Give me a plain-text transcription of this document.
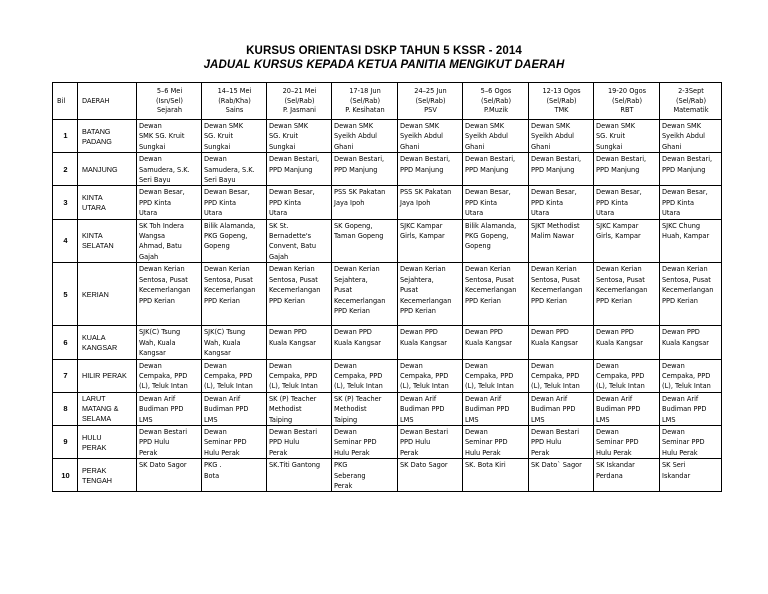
KURSUS ORIENTASI DSKP TAHUN 5 KSSR - 2014
JADUAL KURSUS KEPADA KETUA PANITIA MENGIKUT DAERAH
Bil	DAERAH	5–6 Mei
(Isn/Sel)
Sejarah	14–15 Mei
(Rab/Kha)
Sains	20–21 Mei
(Sel/Rab)
P. Jasmani	17-18 Jun
(Sel/Rab)
P. Kesihatan	24–25 Jun
(Sel/Rab)
PSV	5–6 Ogos
(Sel/Rab)
P.Muzik	12-13 Ogos
(Sel/Rab)
TMK	19-20 Ogos
(Sel/Rab)
RBT	2-3Sept
(Sel/Rab)
Matematik

1	BATANG
PADANG	Dewan
SMK SG. Kruit
Sungkai	Dewan SMK
SG. Kruit
Sungkai	Dewan SMK
SG. Kruit
Sungkai	Dewan SMK
Syeikh Abdul
Ghani	Dewan SMK
Syeikh Abdul
Ghani	Dewan SMK
Syeikh Abdul
Ghani	Dewan SMK
Syeikh Abdul
Ghani	Dewan SMK
SG. Kruit
Sungkai	Dewan SMK
Syeikh Abdul
Ghani

2	MANJUNG	Dewan
Samudera, S.K.
Seri Bayu	Dewan
Samudera, S.K.
Seri Bayu	Dewan Bestari,
PPD Manjung	Dewan Bestari,
PPD Manjung	Dewan Bestari,
PPD Manjung	Dewan Bestari,
PPD Manjung	Dewan Bestari,
PPD Manjung	Dewan Bestari,
PPD Manjung	Dewan Bestari,
PPD Manjung

3	KINTA
UTARA	Dewan Besar,
PPD Kinta
Utara	Dewan Besar,
PPD Kinta
Utara	Dewan Besar,
PPD Kinta
Utara	PSS SK Pakatan
Jaya Ipoh	PSS SK Pakatan
Jaya Ipoh	Dewan Besar,
PPD Kinta
Utara	Dewan Besar,
PPD Kinta
Utara	Dewan Besar,
PPD Kinta
Utara	Dewan Besar,
PPD Kinta
Utara

4	KINTA
SELATAN	SK Toh Indera
Wangsa
Ahmad, Batu
Gajah	Bilik Alamanda,
PKG Gopeng,
Gopeng	SK St.
Bernadette's
Convent, Batu
Gajah	SK Gopeng,
Taman Gopeng	SJKC Kampar
Girls, Kampar	Bilik Alamanda,
PKG Gopeng,
Gopeng	SJKT Methodist
Malim Nawar	SJKC Kampar
Girls, Kampar	SJKC Chung
Huah, Kampar

5	KERIAN	Dewan Kerian
Sentosa, Pusat
Kecemerlangan
PPD Kerian	Dewan Kerian
Sentosa, Pusat
Kecemerlangan
PPD Kerian	Dewan Kerian
Sentosa, Pusat
Kecemerlangan
PPD Kerian	Dewan Kerian
Sejahtera,
Pusat
Kecemerlangan
PPD Kerian	Dewan Kerian
Sejahtera,
Pusat
Kecemerlangan
PPD Kerian	Dewan Kerian
Sentosa, Pusat
Kecemerlangan
PPD Kerian	Dewan Kerian
Sentosa, Pusat
Kecemerlangan
PPD Kerian	Dewan Kerian
Sentosa, Pusat
Kecemerlangan
PPD Kerian	Dewan Kerian
Sentosa, Pusat
Kecemerlangan
PPD Kerian

6	KUALA
KANGSAR	SJK(C) Tsung
Wah, Kuala
Kangsar	SJK(C) Tsung
Wah, Kuala
Kangsar	Dewan PPD
Kuala Kangsar	Dewan PPD
Kuala Kangsar	Dewan PPD
Kuala Kangsar	Dewan PPD
Kuala Kangsar	Dewan PPD
Kuala Kangsar	Dewan PPD
Kuala Kangsar	Dewan PPD
Kuala Kangsar

7	HILIR PERAK	Dewan
Cempaka, PPD
(L), Teluk Intan	Dewan
Cempaka, PPD
(L), Teluk Intan	Dewan
Cempaka, PPD
(L), Teluk Intan	Dewan
Cempaka, PPD
(L), Teluk Intan	Dewan
Cempaka, PPD
(L), Teluk Intan	Dewan
Cempaka, PPD
(L), Teluk Intan	Dewan
Cempaka, PPD
(L), Teluk Intan	Dewan
Cempaka, PPD
(L), Teluk Intan	Dewan
Cempaka, PPD
(L), Teluk Intan

8	LARUT
MATANG &
SELAMA	Dewan Arif
Budiman PPD
LMS	Dewan Arif
Budiman PPD
LMS	SK (P) Teacher
Methodist
Taiping	SK (P) Teacher
Methodist
Taiping	Dewan Arif
Budiman PPD
LMS	Dewan Arif
Budiman PPD
LMS	Dewan Arif
Budiman PPD
LMS	Dewan Arif
Budiman PPD
LMS	Dewan Arif
Budiman PPD
LMS

9	HULU
PERAK	Dewan Bestari
PPD Hulu
Perak	Dewan
Seminar PPD
Hulu Perak	Dewan Bestari
PPD Hulu
Perak	Dewan
Seminar PPD
Hulu Perak	Dewan Bestari
PPD Hulu
Perak	Dewan
Seminar PPD
Hulu Perak	Dewan Bestari
PPD Hulu
Perak	Dewan
Seminar PPD
Hulu Perak	Dewan
Seminar PPD
Hulu Perak

10	PERAK
TENGAH	SK Dato Sagor	PKG .
Bota	SK.Titi Gantong	PKG
Seberang
Perak	SK Dato Sagor	SK. Bota Kiri	SK Dato` Sagor	SK Iskandar
Perdana	SK Seri
Iskandar
